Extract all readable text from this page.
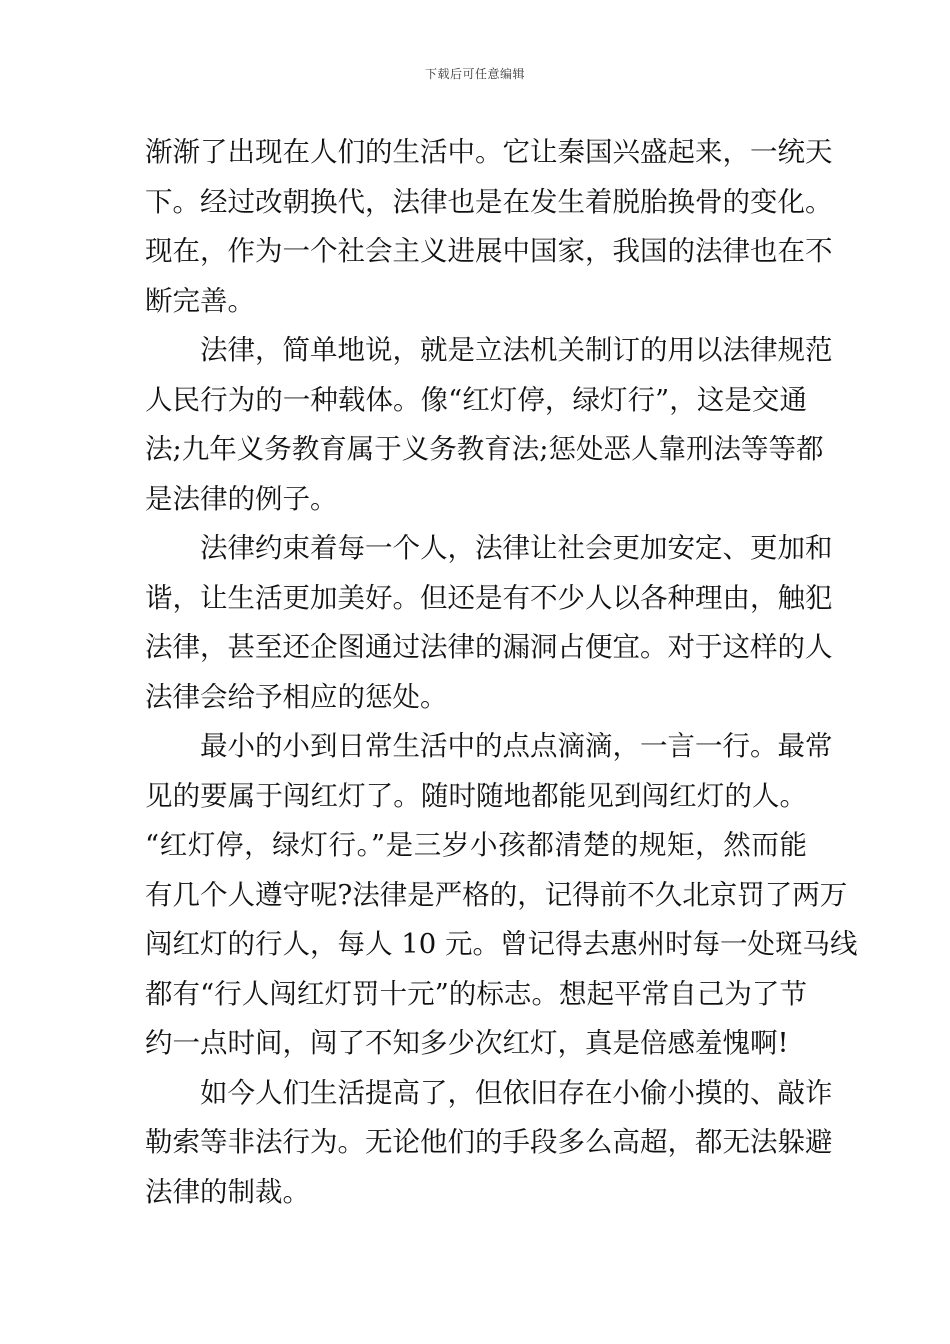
下载后可任意编辑
渐渐了出现在人们的生活中。它让秦国兴盛起来，一统天
下。经过改朝换代，法律也是在发生着脱胎换骨的变化。
现在，作为一个社会主义进展中国家，我国的法律也在不
断完善。
法律，简单地说，就是立法机关制订的用以法律规范
人民行为的一种载体。像“红灯停，绿灯行”，这是交通
法;九年义务教育属于义务教育法;惩处恶人靠刑法等等都
是法律的例子。
法律约束着每一个人，法律让社会更加安定、更加和
谐，让生活更加美好。但还是有不少人以各种理由，触犯
法律，甚至还企图通过法律的漏洞占便宜。对于这样的人
法律会给予相应的惩处。
最小的小到日常生活中的点点滴滴，一言一行。最常
见的要属于闯红灯了。随时随地都能见到闯红灯的人。
“红灯停，绿灯行。”是三岁小孩都清楚的规矩，然而能
有几个人遵守呢?法律是严格的，记得前不久北京罚了两万
闯红灯的行人，每人 10 元。曾记得去惠州时每一处斑马线
都有“行人闯红灯罚十元”的标志。想起平常自己为了节
约一点时间，闯了不知多少次红灯，真是倍感羞愧啊!
如今人们生活提高了，但依旧存在小偷小摸的、敲诈
勒索等非法行为。无论他们的手段多么高超，都无法躲避
法律的制裁。
